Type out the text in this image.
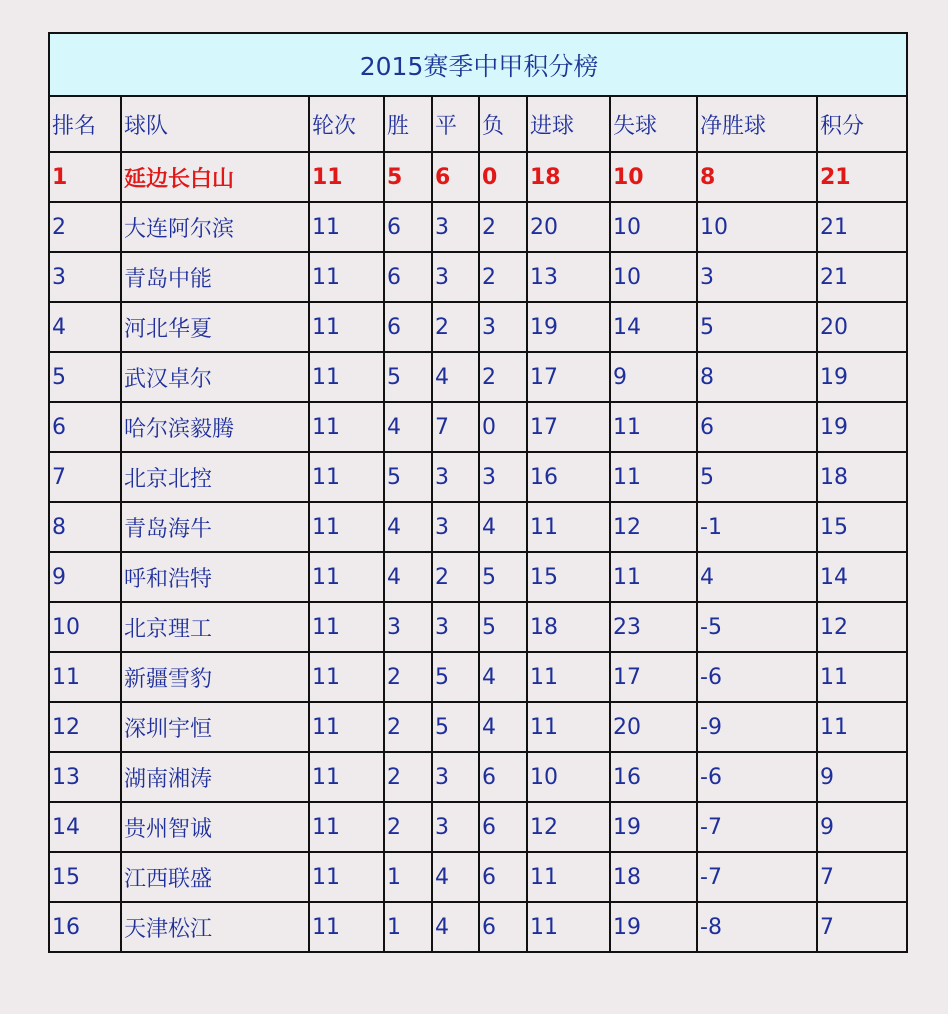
2015赛季中甲积分榜									
排名	球队	轮次	胜	平	负	进球	失球	净胜球	积分
1	延边长白山	11	5	6	0	18	10	8	21
2	大连阿尔滨	11	6	3	2	20	10	10	21
3	青岛中能	11	6	3	2	13	10	3	21
4	河北华夏	11	6	2	3	19	14	5	20
5	武汉卓尔	11	5	4	2	17	9	8	19
6	哈尔滨毅腾	11	4	7	0	17	11	6	19
7	北京北控	11	5	3	3	16	11	5	18
8	青岛海牛	11	4	3	4	11	12	-1	15
9	呼和浩特	11	4	2	5	15	11	4	14
10	北京理工	11	3	3	5	18	23	-5	12
11	新疆雪豹	11	2	5	4	11	17	-6	11
12	深圳宇恒	11	2	5	4	11	20	-9	11
13	湖南湘涛	11	2	3	6	10	16	-6	9
14	贵州智诚	11	2	3	6	12	19	-7	9
15	江西联盛	11	1	4	6	11	18	-7	7
16	天津松江	11	1	4	6	11	19	-8	7
